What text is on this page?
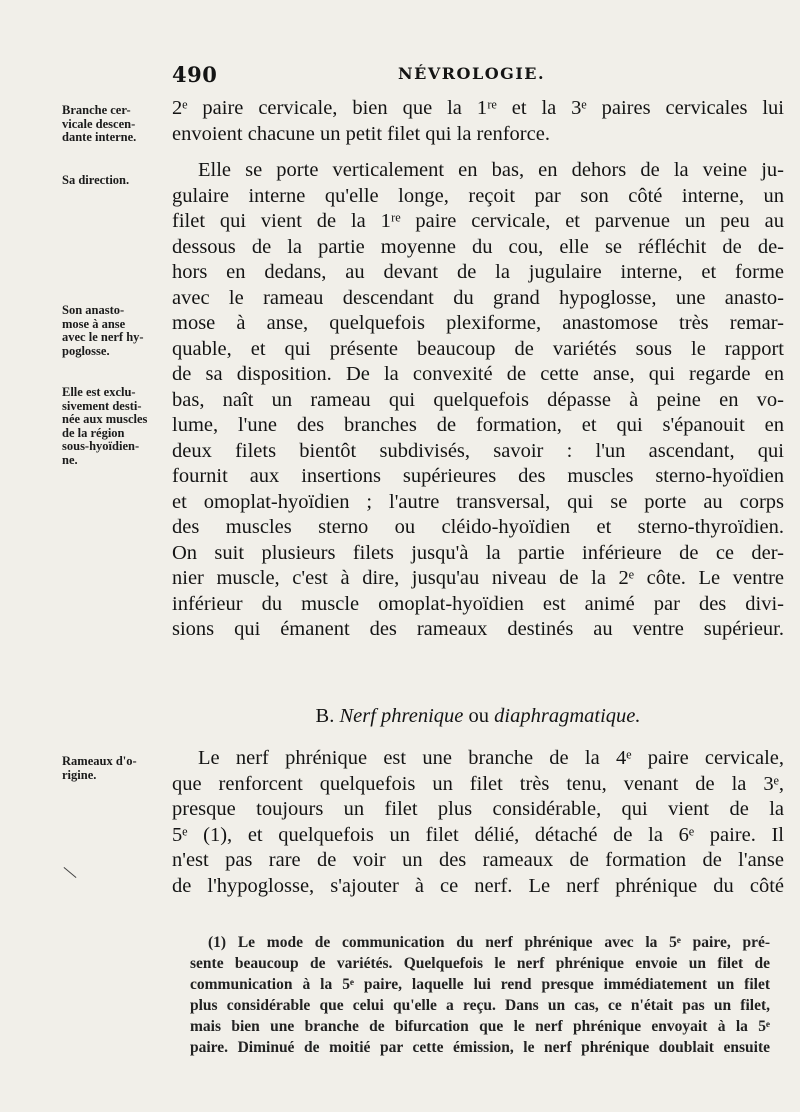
490	NÉVROLOGIE.
Branche cer-
vicale descen-
dante interne.
Sa direction.
Son anasto-
mose à anse
avec le nerf hy-
poglosse.
Elle est exclu-
sivement desti-
née aux muscles
de la région
sous-hyoïdien-
ne.
Rameaux d'o-
rigine.
2ᵉ paire cervicale, bien que la 1ʳᵉ et la 3ᵉ paires cervicales lui
envoient chacune un petit filet qui la renforce.
Elle se porte verticalement en bas, en dehors de la veine ju-
gulaire interne qu'elle longe, reçoit par son côté interne, un
filet qui vient de la 1ʳᵉ paire cervicale, et parvenue un peu au
dessous de la partie moyenne du cou, elle se réfléchit de de-
hors en dedans, au devant de la jugulaire interne, et forme
avec le rameau descendant du grand hypoglosse, une anasto-
mose à anse, quelquefois plexiforme, anastomose très remar-
quable, et qui présente beaucoup de variétés sous le rapport
de sa disposition. De la convexité de cette anse, qui regarde en
bas, naît un rameau qui quelquefois dépasse à peine en vo-
lume, l'une des branches de formation, et qui s'épanouit en
deux filets bientôt subdivisés, savoir : l'un ascendant, qui
fournit aux insertions supérieures des muscles sterno-hyoïdien
et omoplat-hyoïdien ; l'autre transversal, qui se porte au corps
des muscles sterno ou cléido-hyoïdien et sterno-thyroïdien.
On suit plusieurs filets jusqu'à la partie inférieure de ce der-
nier muscle, c'est à dire, jusqu'au niveau de la 2ᵉ côte. Le ventre
inférieur du muscle omoplat-hyoïdien est animé par des divi-
sions qui émanent des rameaux destinés au ventre supérieur.
B. Nerf phrenique ou diaphragmatique.
Le nerf phrénique est une branche de la 4ᵉ paire cervicale,
que renforcent quelquefois un filet très tenu, venant de la 3ᵉ,
presque toujours un filet plus considérable, qui vient de la
5ᵉ (1), et quelquefois un filet délié, détaché de la 6ᵉ paire. Il
n'est pas rare de voir un des rameaux de formation de l'anse
de l'hypoglosse, s'ajouter à ce nerf. Le nerf phrénique du côté
(1) Le mode de communication du nerf phrénique avec la 5ᵉ paire, pré-
sente beaucoup de variétés. Quelquefois le nerf phrénique envoie un filet de
communication à la 5ᵉ paire, laquelle lui rend presque immédiatement un filet
plus considérable que celui qu'elle a reçu. Dans un cas, ce n'était pas un filet,
mais bien une branche de bifurcation que le nerf phrénique envoyait à la 5ᵉ
paire. Diminué de moitié par cette émission, le nerf phrénique doublait ensuite
